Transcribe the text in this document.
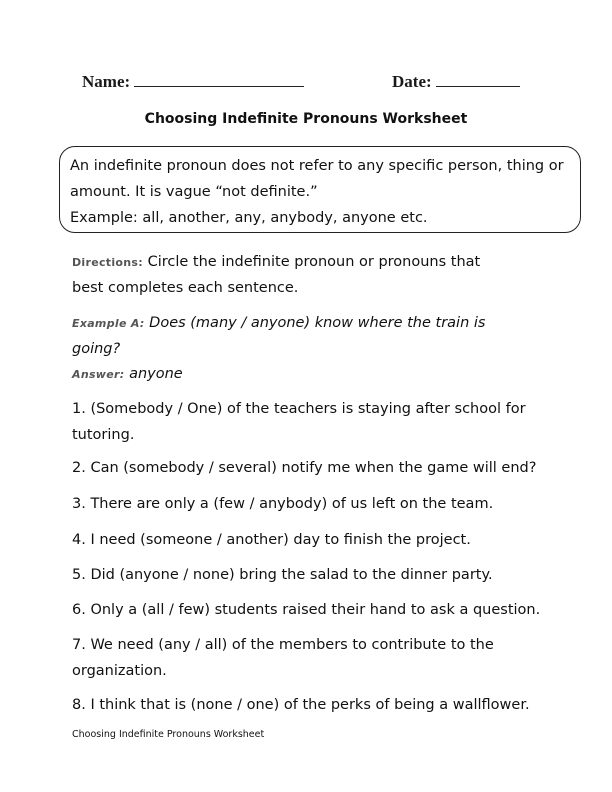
Name:	Date:
Choosing Indefinite Pronouns Worksheet
An indefinite pronoun does not refer to any specific person, thing or
amount. It is vague “not definite.”
Example: all, another, any, anybody, anyone etc.
Directions: Circle the indefinite pronoun or pronouns that
best completes each sentence.
Example A: Does (many / anyone) know where the train is
going?
Answer: anyone
1. (Somebody / One) of the teachers is staying after school for
tutoring.
2. Can (somebody / several) notify me when the game will end?
3. There are only a (few / anybody) of us left on the team.
4. I need (someone / another) day to finish the project.
5. Did (anyone / none) bring the salad to the dinner party.
6. Only a (all / few) students raised their hand to ask a question.
7. We need (any / all) of the members to contribute to the
organization.
8. I think that is (none / one) of the perks of being a wallflower.
Choosing Indefinite Pronouns Worksheet
